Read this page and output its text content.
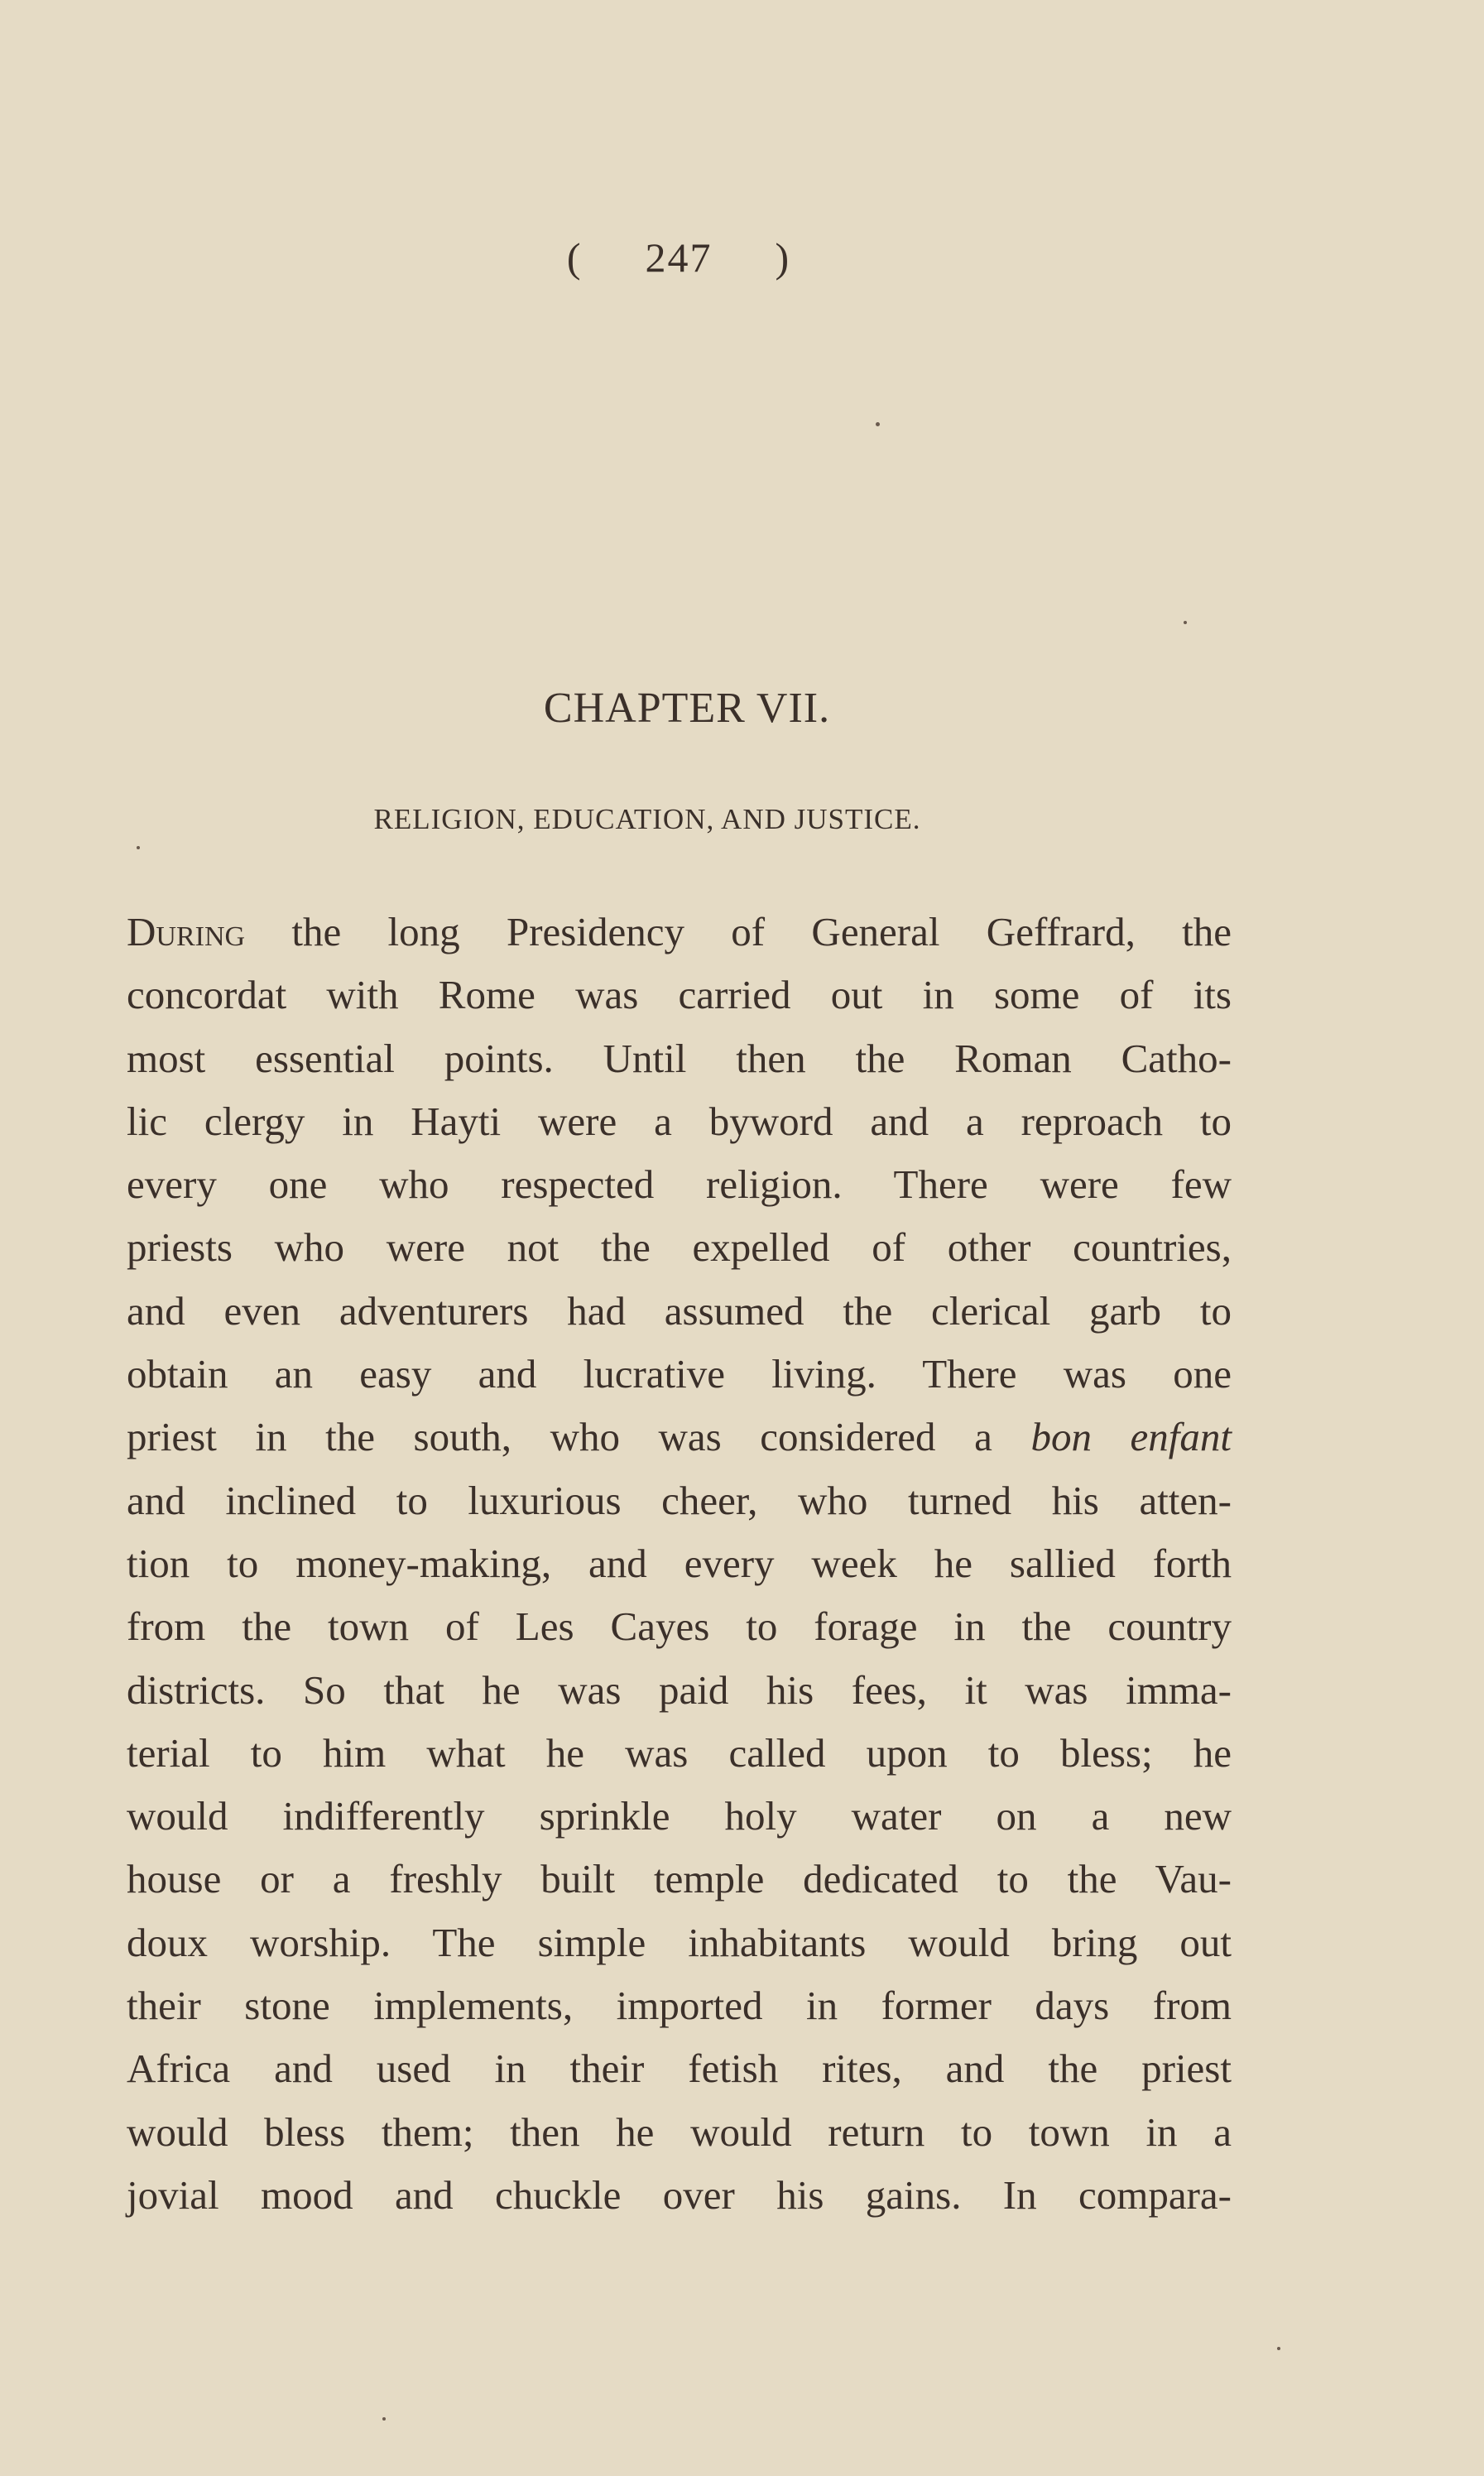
( 247 )
CHAPTER VII.
RELIGION, EDUCATION, AND JUSTICE.
During the long Presidency of General Geffrard, the
concordat with Rome was carried out in some of its
most essential points. Until then the Roman Catho-
lic clergy in Hayti were a byword and a reproach to
every one who respected religion. There were few
priests who were not the expelled of other countries,
and even adventurers had assumed the clerical garb to
obtain an easy and lucrative living. There was one
priest in the south, who was considered a bon enfant
and inclined to luxurious cheer, who turned his atten-
tion to money-making, and every week he sallied forth
from the town of Les Cayes to forage in the country
districts. So that he was paid his fees, it was imma-
terial to him what he was called upon to bless; he
would indifferently sprinkle holy water on a new
house or a freshly built temple dedicated to the Vau-
doux worship. The simple inhabitants would bring out
their stone implements, imported in former days from
Africa and used in their fetish rites, and the priest
would bless them; then he would return to town in a
jovial mood and chuckle over his gains. In compara-
